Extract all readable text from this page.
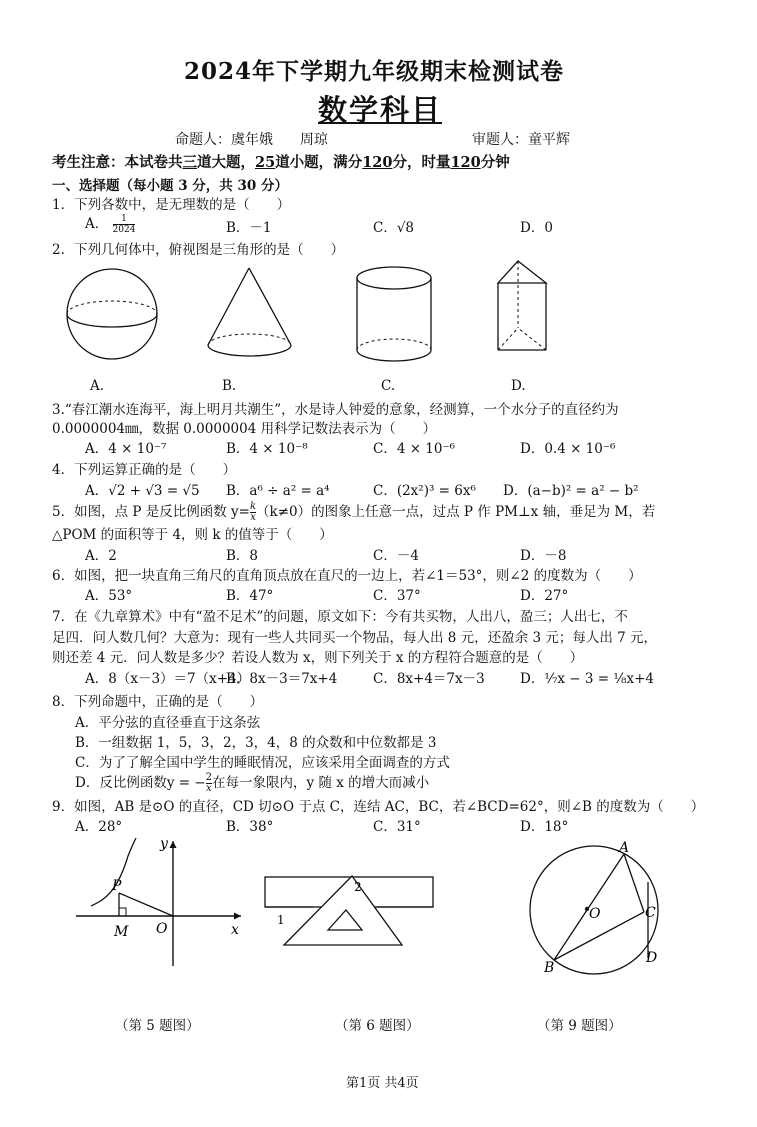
2024年下学期九年级期末检测试卷
数学科目
命题人：虞年娥 周琼	审题人：童平辉
考生注意：本试卷共三道大题，25道小题，满分120分，时量120分钟
一、选择题（每小题 3 分，共 30 分）
1．下列各数中，是无理数的是（　　）
A． $\frac{1}{2024}$	B．－1	C．√8	D．0
2．下列几何体中，俯视图是三角形的是（　　）
A.	B.	C.	D.
3.“春江潮水连海平，海上明月共潮生”，水是诗人钟爱的意象，经测算，一个水分子的直径约为
0.0000004㎜，数据 0.0000004 用科学记数法表示为（　　）
A．4 × 10⁻⁷	B．4 × 10⁻⁸	C．4 × 10⁻⁶	D．0.4 × 10⁻⁶
4．下列运算正确的是（　　）
A．√2 + √3 = √5 B．a⁶ ÷ a² = a⁴	C．(2x²)³ = 6x⁶ D．(a−b)² = a² − b²
5．如图，点 P 是反比例函数 $y= \frac{k}{x} (k\ne 0)$的图象上任意一点，过点 P 作 PM⊥x 轴，垂足为 M，若
△POM 的面积等于 4，则 k 的值等于（　　）
A．2	B．8	C．－4	D．－8
6．如图，把一块直角三角尺的直角顶点放在直尺的一边上，若∠1＝53°，则∠2 的度数为（　　）
A．53°	B．47°	C．37°	D．27°
7．在《九章算术》中有“盈不足术”的问题，原文如下：今有共买物，人出八，盈三；人出七，不
足四．问人数几何？大意为：现有一些人共同买一个物品，每人出 8 元，还盈余 3 元；每人出 7 元，
则还差 4 元．问人数是多少？若设人数为 x，则下列关于 x 的方程符合题意的是（　　）
A．8（x－3）＝7（x+4）
B．8x－3＝7x+4	C．8x+4＝7x－3	D．¹⁄₇x − 3 = ¹⁄₈x+4
8．下列命题中，正确的是（　　）
A．平分弦的直径垂直于这条弦
B．一组数据 1，5，3，2，3，4，8 的众数和中位数都是 3
C．为了了解全国中学生的睡眠情况，应该采用全面调查的方式
D．反比例函数y = − $\frac{2}{x}$ 在每一象限内，y 随 x 的增大而减小
9．如图，AB 是⊙O 的直径，CD 切⊙O 于点 C，连结 AC，BC，若∠BCD=62°，则∠B 的度数为（　　）
A．28°	B．38°	C．31°	D．18°
y
x
P
M O
1
2
A
B
C
D
O
（第 5 题图）	（第 6 题图）	（第 9 题图）
第1页 共4页
